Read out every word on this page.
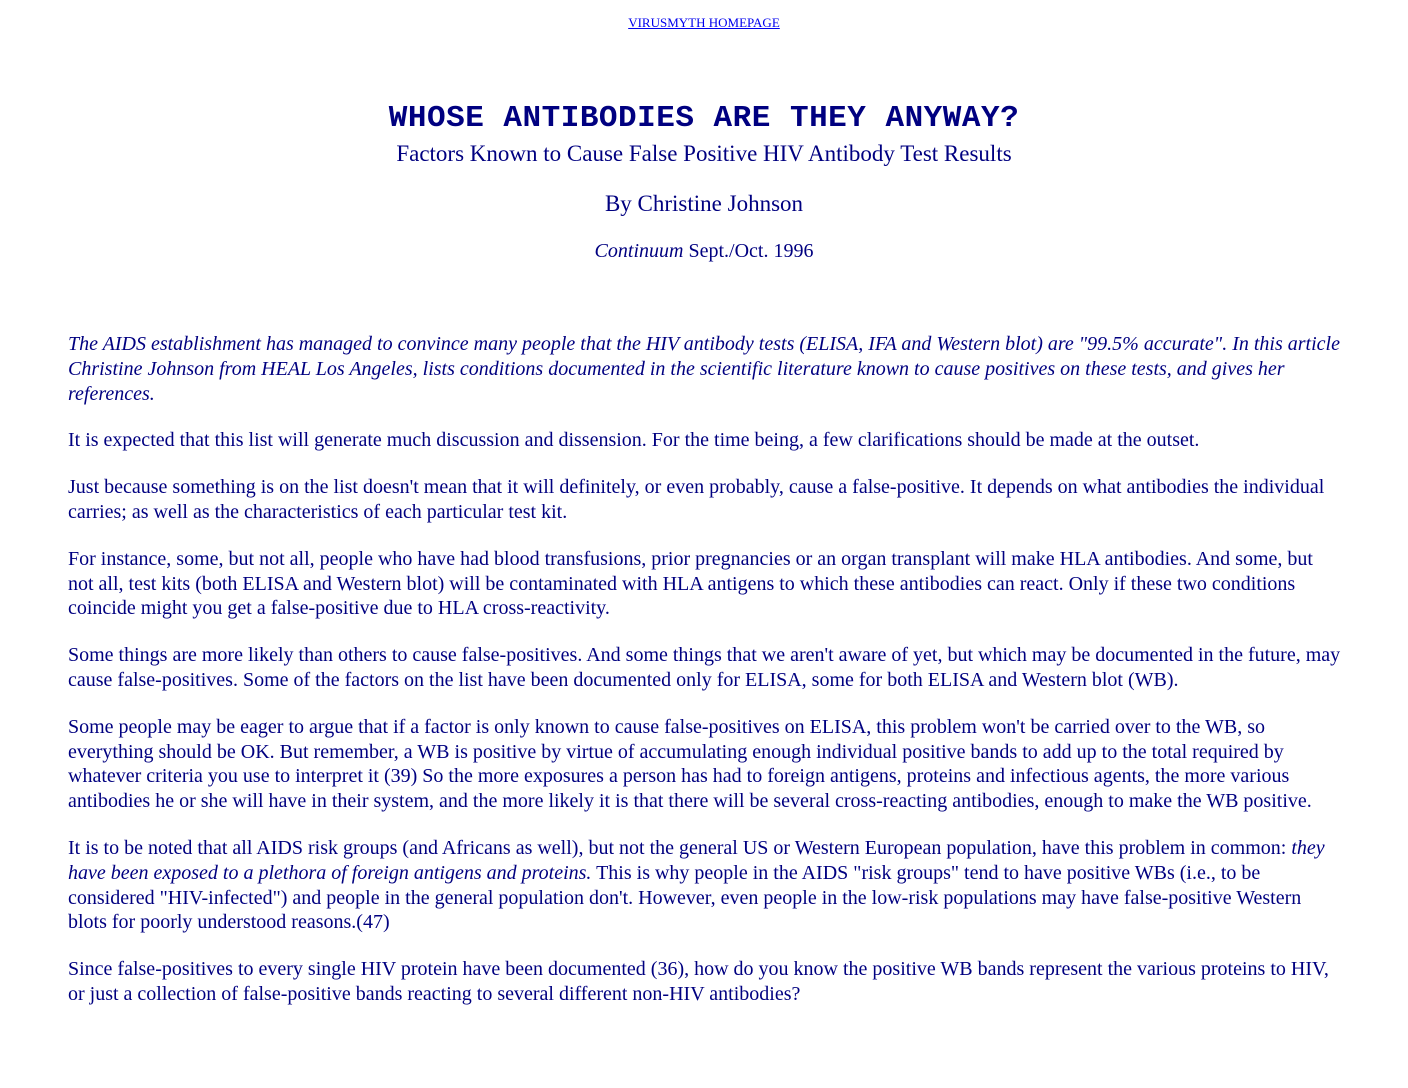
VIRUSMYTH HOMEPAGE
WHOSE ANTIBODIES ARE THEY ANYWAY?
Factors Known to Cause False Positive HIV Antibody Test Results
By Christine Johnson
Continuum Sept./Oct. 1996

The AIDS establishment has managed to convince many people that the HIV antibody tests (ELISA, IFA and Western blot) are "99.5% accurate". In this article Christine Johnson from HEAL Los Angeles, lists conditions documented in the scientific literature known to cause positives on these tests, and gives her references.

It is expected that this list will generate much discussion and dissension. For the time being, a few clarifications should be made at the outset.

Just because something is on the list doesn't mean that it will definitely, or even probably, cause a false-positive. It depends on what antibodies the individual carries; as well as the characteristics of each particular test kit.

For instance, some, but not all, people who have had blood transfusions, prior pregnancies or an organ transplant will make HLA antibodies. And some, but not all, test kits (both ELISA and Western blot) will be contaminated with HLA antigens to which these antibodies can react. Only if these two conditions coincide might you get a false-positive due to HLA cross-reactivity.

Some things are more likely than others to cause false-positives. And some things that we aren't aware of yet, but which may be documented in the future, may cause false-positives. Some of the factors on the list have been documented only for ELISA, some for both ELISA and Western blot (WB).

Some people may be eager to argue that if a factor is only known to cause false-positives on ELISA, this problem won't be carried over to the WB, so everything should be OK. But remember, a WB is positive by virtue of accumulating enough individual positive bands to add up to the total required by whatever criteria you use to interpret it (39) So the more exposures a person has had to foreign antigens, proteins and infectious agents, the more various antibodies he or she will have in their system, and the more likely it is that there will be several cross-reacting antibodies, enough to make the WB positive.

It is to be noted that all AIDS risk groups (and Africans as well), but not the general US or Western European population, have this problem in common: they have been exposed to a plethora of foreign antigens and proteins. This is why people in the AIDS "risk groups" tend to have positive WBs (i.e., to be considered "HIV-infected") and people in the general population don't. However, even people in the low-risk populations may have false-positive Western blots for poorly understood reasons.(47)

Since false-positives to every single HIV protein have been documented (36), how do you know the positive WB bands represent the various proteins to HIV, or just a collection of false-positive bands reacting to several different non-HIV antibodies?
